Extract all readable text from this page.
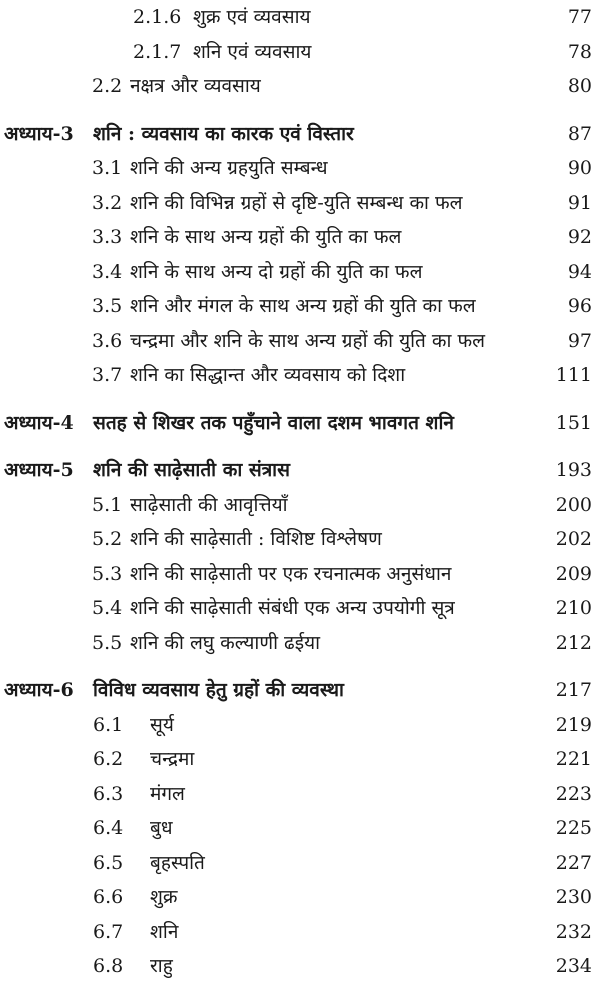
2.1.6 शुक्र एवं व्यवसाय	77
2.1.7 शनि एवं व्यवसाय	78
2.2 नक्षत्र और व्यवसाय	80
अध्याय-3 शनि : व्यवसाय का कारक एवं विस्तार	87
3.1 शनि की अन्य ग्रहयुति सम्बन्ध	90
3.2 शनि की विभिन्न ग्रहों से दृष्टि-युति सम्बन्ध का फल	91
3.3 शनि के साथ अन्य ग्रहों की युति का फल	92
3.4 शनि के साथ अन्य दो ग्रहों की युति का फल	94
3.5 शनि और मंगल के साथ अन्य ग्रहों की युति का फल	96
3.6 चन्द्रमा और शनि के साथ अन्य ग्रहों की युति का फल	97
3.7 शनि का सिद्धान्त और व्यवसाय को दिशा	111
अध्याय-4 सतह से शिखर तक पहुँचाने वाला दशम भावगत शनि	151
अध्याय-5 शनि की साढ़ेसाती का संत्रास	193
5.1 साढ़ेसाती की आवृत्तियाँ	200
5.2 शनि की साढ़ेसाती : विशिष्ट विश्लेषण	202
5.3 शनि की साढ़ेसाती पर एक रचनात्मक अनुसंधान	209
5.4 शनि की साढ़ेसाती संबंधी एक अन्य उपयोगी सूत्र	210
5.5 शनि की लघु कल्याणी ढईया	212
अध्याय-6 विविध व्यवसाय हेतु ग्रहों की व्यवस्था	217
6.1 सूर्य	219
6.2 चन्द्रमा	221
6.3 मंगल	223
6.4 बुध	225
6.5 बृहस्पति	227
6.6 शुक्र	230
6.7 शनि	232
6.8 राहु	234
